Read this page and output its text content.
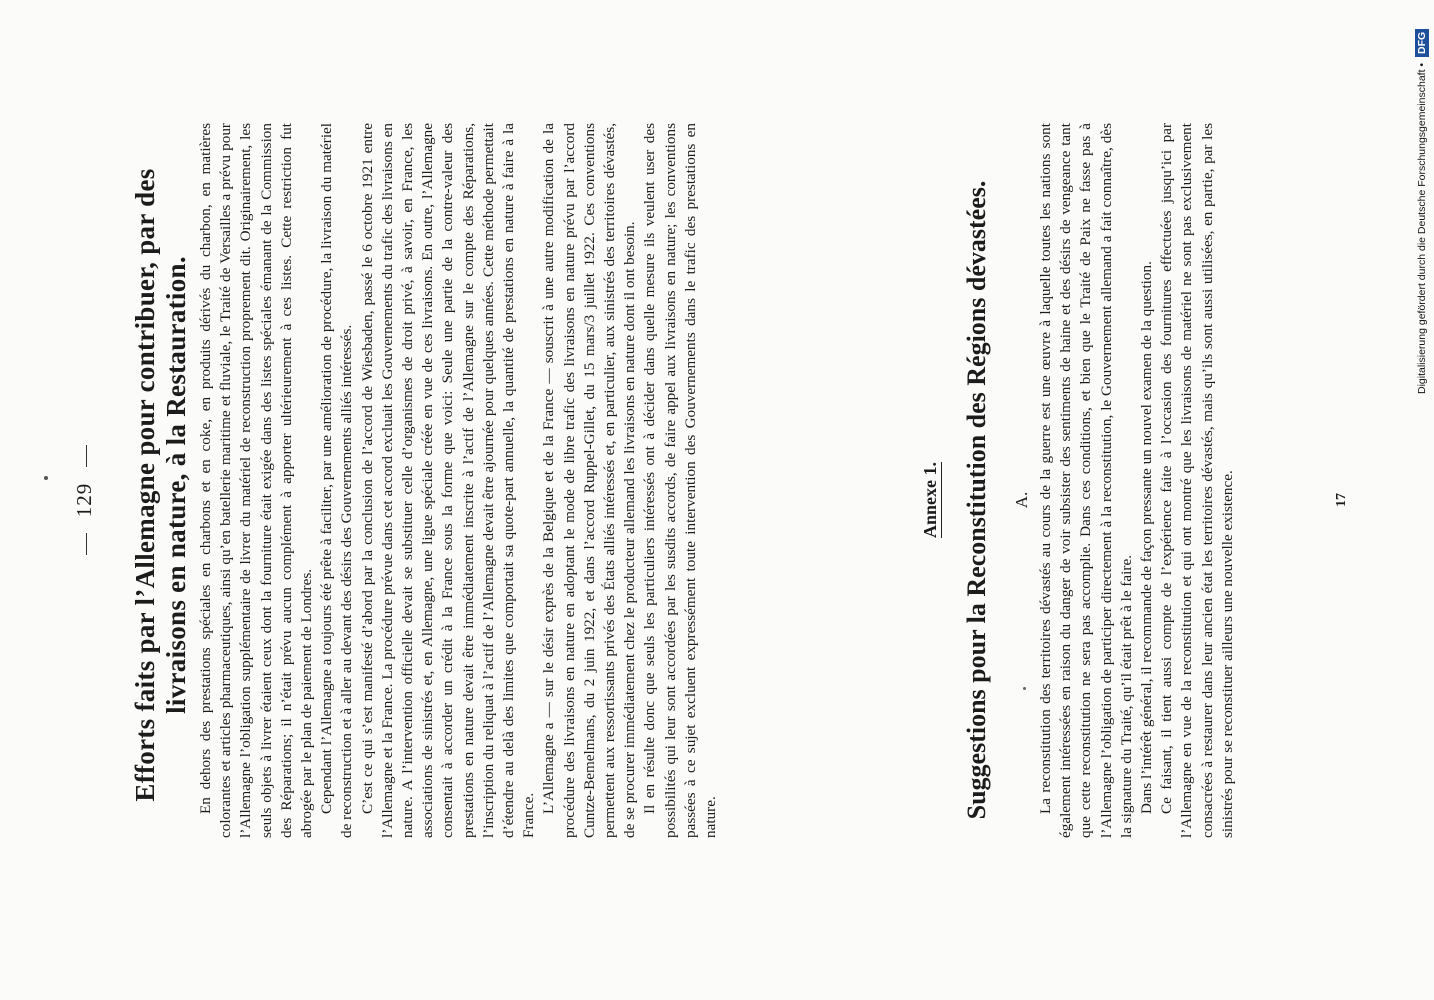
129 Efforts faits par l’Allemagne pour contribuer, par des livraisons en nature, à la Restauration. En dehors des prestations spéciales en charbons et en coke, en produits dérivés du charbon, en matières colorantes et articles pharmaceutiques, ainsi qu’en batellerie maritime et fluviale, le Traité de Versailles a prévu pour l’Allemagne l’obligation supplémentaire de livrer du matériel de reconstruction proprement dit. Originairement, les seuls objets à livrer étaient ceux dont la fourniture était exigée dans des listes spéciales émanant de la Commission des Réparations; il n’était prévu aucun complément à apporter ultérieurement à ces listes. Cette restriction fut abrogée par le plan de paiement de Londres. Cependant l’Allemagne a toujours été prête à faciliter, par une amélioration de procédure, la livraison du matériel de reconstruction et à aller au devant des désirs des Gouvernements alliés intéressés. C’est ce qui s’est manifesté d’abord par la conclusion de l’accord de Wiesbaden, passé le 6 octobre 1921 entre l’Allemagne et la France. La procédure prévue dans cet accord excluait les Gouvernements du trafic des livraisons en nature. A l’intervention officielle devait se substituer celle d’organismes de droit privé, à savoir, en France, les associations de sinistrés et, en Allemagne, une ligue spéciale créée en vue de ces livraisons. En outre, l’Allemagne consentait à accorder un crédit à la France sous la forme que voici: Seule une partie de la contre-valeur des prestations en nature devait être immédiatement inscrite à l’actif de l’Allemagne sur le compte des Réparations, l’inscription du reliquat à l’actif de l’Allemagne devait être ajournée pour quelques années. Cette méthode permettait d’étendre au delà des limites que comportait sa quote-part annuelle, la quantité de prestations en nature à faire à la France.

L’Allemagne a — sur le désir exprès de la Belgique et de la France — souscrit à une autre modification de la procédure des livraisons en nature en adoptant le mode de libre trafic des livraisons en nature prévu par l’accord Cuntze-Bemelmans, du 2 juin 1922, et dans l’accord Ruppel-Gillet, du 15 mars/3 juillet 1922. Ces conventions permettent aux ressortissants privés des États alliés intéressés et, en particulier, aux sinistrés des territoires dévastés, de se procurer immédiatement chez le producteur allemand les livraisons en nature dont il ont besoin. Il en résulte donc que seuls les particuliers intéressés ont à décider dans quelle mesure ils veulent user des possibilités qui leur sont accordées par les susdits accords, de faire appel aux livraisons en nature; les conventions passées à ce sujet excluent expressément toute intervention des Gouvernements dans le trafic des prestations en nature.

Annexe 1. Suggestions pour la Reconstitution des Régions dévastées. A. La reconstitution des territoires dévastés au cours de la guerre est une œuvre à laquelle toutes les nations sont également intéressées en raison du danger de voir subsister des sentiments de haine et des désirs de vengeance tant que cette reconstitution ne sera pas accomplie. Dans ces conditions, et bien que le Traité de Paix ne fasse pas à l’Allemagne l’obligation de participer directement à la reconstitution, le Gouvernement allemand a fait connaître, dès la signature du Traité, qu’il était prêt à le faire. Dans l’intérêt général, il recommande de façon pressante un nouvel examen de la question. Ce faisant, il tient aussi compte de l’expérience faite à l’occasion des fournitures effectuées jusqu’ici par l’Allemagne en vue de la reconstitution et qui ont montré que les livraisons de matériel ne sont pas exclusivement consacrées à restaurer dans leur ancien état les territoires dévastés, mais qu’ils sont aussi utilisées, en partie, par les sinistrés pour se reconstituer ailleurs une nouvelle existence.	17
Digitalisierung gefördert durch die Deutsche Forschungsgemeinschaft • DFG
